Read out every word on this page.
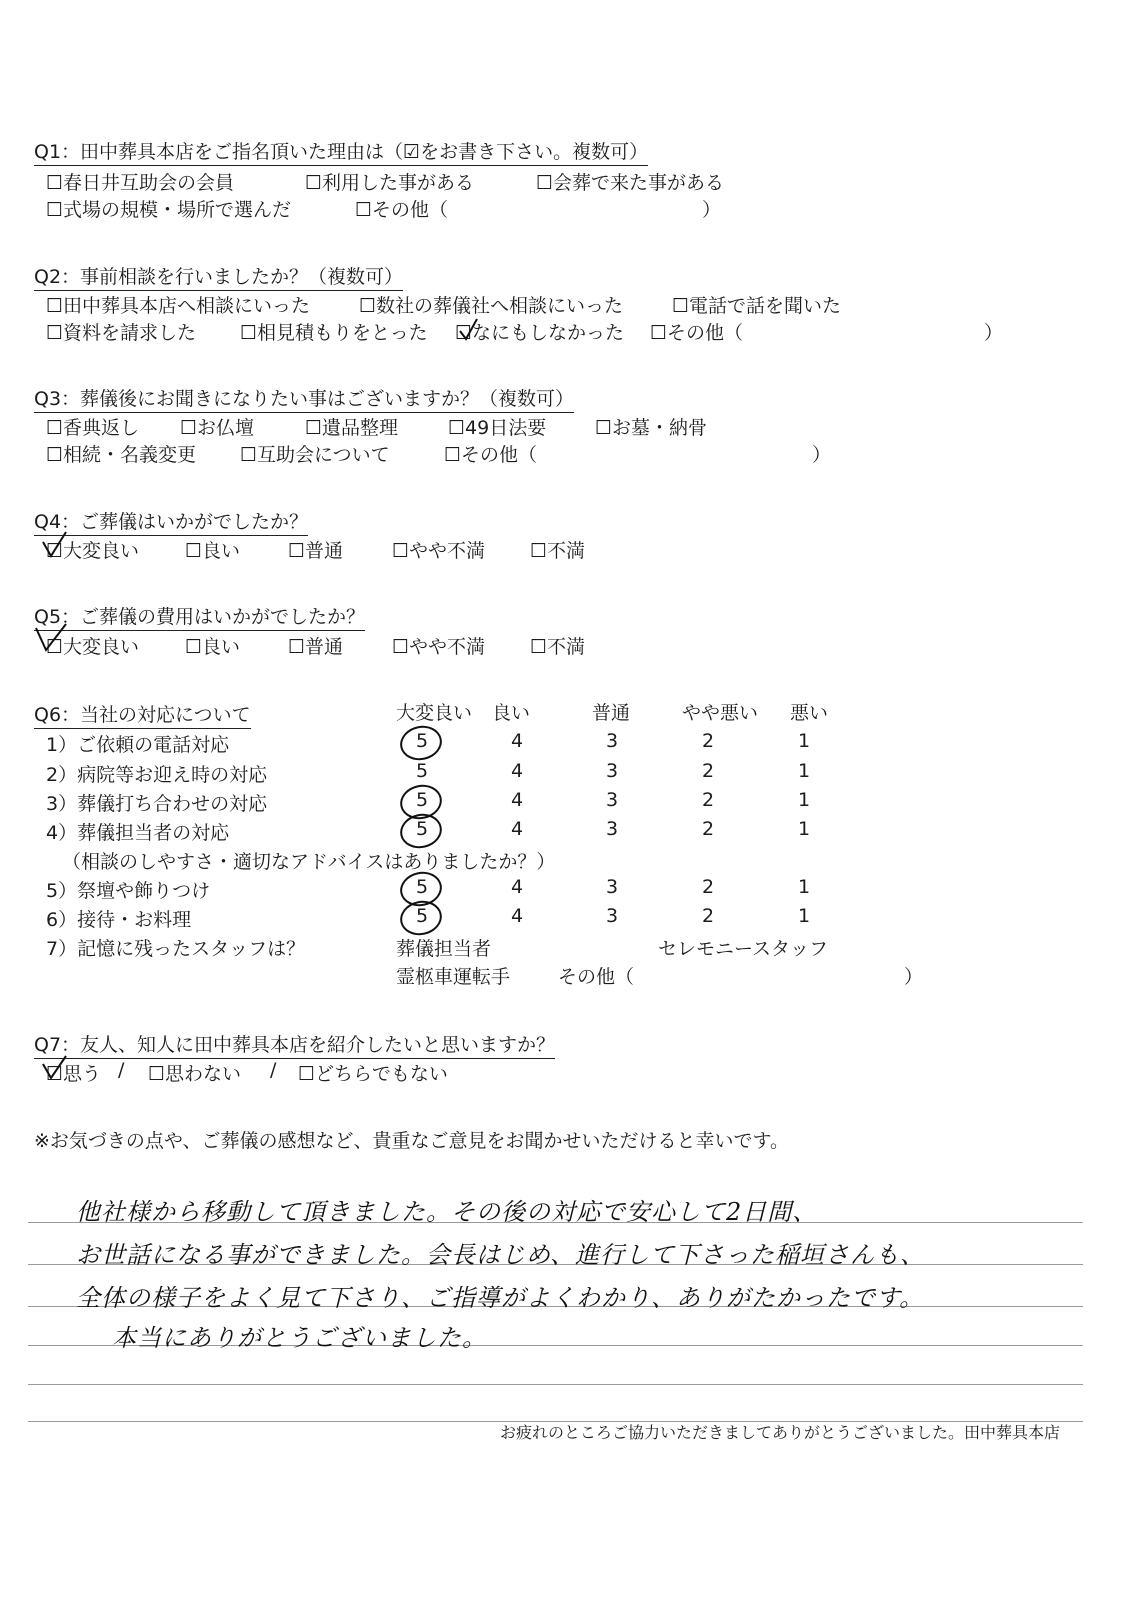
Q1：田中葬具本店をご指名頂いた理由は（☑をお書き下さい。複数可）
☐春日井互助会の会員	☐利用した事がある	☐会葬で来た事がある
☐式場の規模・場所で選んだ	☐その他（	）
Q2：事前相談を行いましたか？（複数可）
☐田中葬具本店へ相談にいった	☐数社の葬儀社へ相談にいった	☐電話で話を聞いた
☐資料を請求した ☐相見積もりをとった ☐なにもしなかった ☐その他（	）
Q3：葬儀後にお聞きになりたい事はございますか？（複数可）
☐香典返し ☐お仏壇	☐遺品整理	☐49日法要	☐お墓・納骨
☐相続・名義変更 ☐互助会について	☐その他（	）
Q4：ご葬儀はいかがでしたか？
☐大変良い ☐良い	☐普通	☐やや不満 ☐不満
Q5：ご葬儀の費用はいかがでしたか？
☐大変良い ☐良い	☐普通	☐やや不満 ☐不満
Q6：当社の対応について	大変良い 良い	普通	やや悪い 悪い
1）ご依頼の電話対応	5	4	3	2	1
2）病院等お迎え時の対応	5	4	3	2	1
3）葬儀打ち合わせの対応	5	4	3	2	1
4）葬儀担当者の対応	5	4	3	2	1
（相談のしやすさ・適切なアドバイスはありましたか？）
5）祭壇や飾りつけ	5	4	3	2	1
6）接待・お料理	5	4	3	2	1
7）記憶に残ったスタッフは？	葬儀担当者	セレモニースタッフ
霊柩車運転手	その他（	）
Q7：友人、知人に田中葬具本店を紹介したいと思いますか？
☐思う / ☐思わない / ☐どちらでもない
※お気づきの点や、ご葬儀の感想など、貴重なご意見をお聞かせいただけると幸いです。
他社様から移動して頂きました。その後の対応で安心して2日間、
お世話になる事ができました。会長はじめ、進行して下さった稲垣さんも、
全体の様子をよく見て下さり、ご指導がよくわかり、ありがたかったです。
本当にありがとうございました。
お疲れのところご協力いただきましてありがとうございました。田中葬具本店
